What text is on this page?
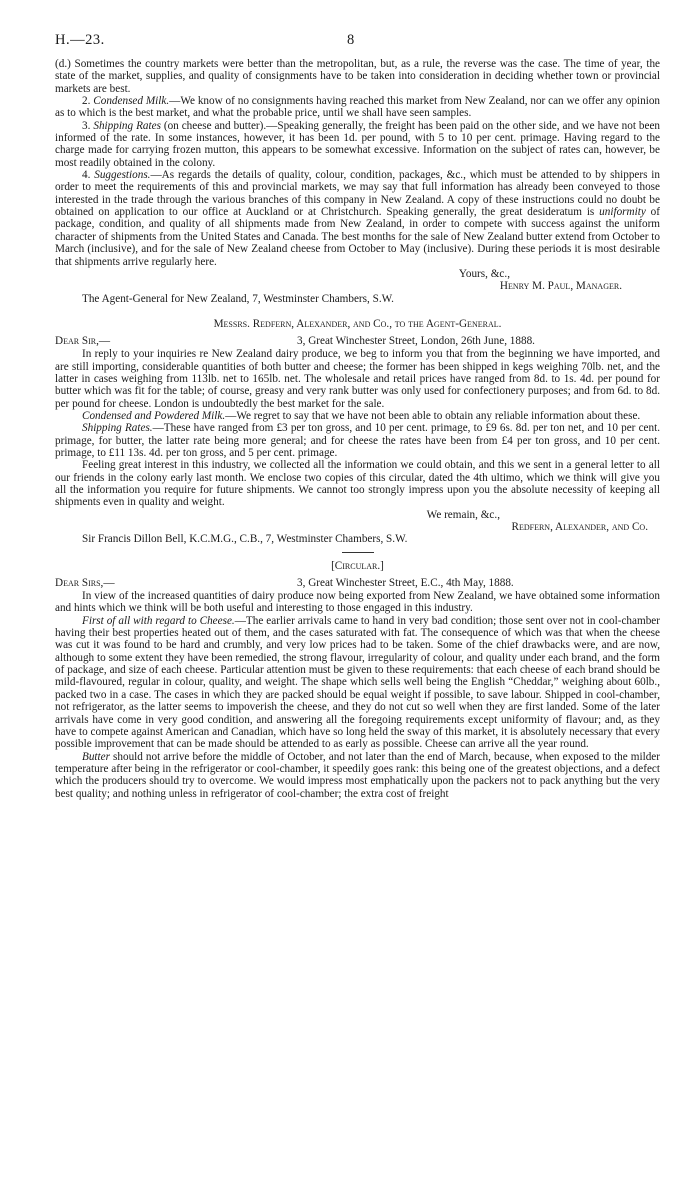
H.—23.	8

(d.) Sometimes the country markets were better than the metropolitan, but, as a rule, the reverse was the case. The time of year, the state of the market, supplies, and quality of consignments have to be taken into consideration in deciding whether town or provincial markets are best.

2. Condensed Milk.—We know of no consignments having reached this market from New Zealand, nor can we offer any opinion as to which is the best market, and what the probable price, until we shall have seen samples.

3. Shipping Rates (on cheese and butter).—Speaking generally, the freight has been paid on the other side, and we have not been informed of the rate. In some instances, however, it has been 1d. per pound, with 5 to 10 per cent. primage. Having regard to the charge made for carrying frozen mutton, this appears to be somewhat excessive. Information on the subject of rates can, however, be most readily obtained in the colony.

4. Suggestions.—As regards the details of quality, colour, condition, packages, &c., which must be attended to by shippers in order to meet the requirements of this and provincial markets, we may say that full information has already been conveyed to those interested in the trade through the various branches of this company in New Zealand. A copy of these instructions could no doubt be obtained on application to our office at Auckland or at Christchurch. Speaking generally, the great desideratum is uniformity of package, condition, and quality of all shipments made from New Zealand, in order to compete with success against the uniform character of shipments from the United States and Canada. The best months for the sale of New Zealand butter extend from October to March (inclusive), and for the sale of New Zealand cheese from October to May (inclusive). During these periods it is most desirable that shipments arrive regularly here.

Yours, &c.,

Henry M. Paul, Manager.

The Agent-General for New Zealand, 7, Westminster Chambers, S.W.

Messrs. Redfern, Alexander, and Co., to the Agent-General.

Dear Sir,—	3, Great Winchester Street, London, 26th June, 1888.

In reply to your inquiries re New Zealand dairy produce, we beg to inform you that from the beginning we have imported, and are still importing, considerable quantities of both butter and cheese; the former has been shipped in kegs weighing 70lb. net, and the latter in cases weighing from 113lb. net to 165lb. net. The wholesale and retail prices have ranged from 8d. to 1s. 4d. per pound for butter which was fit for the table; of course, greasy and very rank butter was only used for confectionery purposes; and from 6d. to 8d. per pound for cheese. London is undoubtedly the best market for the sale.

Condensed and Powdered Milk.—We regret to say that we have not been able to obtain any reliable information about these.

Shipping Rates.—These have ranged from £3 per ton gross, and 10 per cent. primage, to £9 6s. 8d. per ton net, and 10 per cent. primage, for butter, the latter rate being more general; and for cheese the rates have been from £4 per ton gross, and 10 per cent. primage, to £11 13s. 4d. per ton gross, and 5 per cent. primage.

Feeling great interest in this industry, we collected all the information we could obtain, and this we sent in a general letter to all our friends in the colony early last month. We enclose two copies of this circular, dated the 4th ultimo, which we think will give you all the information you require for future shipments. We cannot too strongly impress upon you the absolute necessity of keeping all shipments even in quality and weight.

We remain, &c.,

Redfern, Alexander, and Co.

Sir Francis Dillon Bell, K.C.M.G., C.B., 7, Westminster Chambers, S.W.

[Circular.]

Dear Sirs,—	3, Great Winchester Street, E.C., 4th May, 1888.

In view of the increased quantities of dairy produce now being exported from New Zealand, we have obtained some information and hints which we think will be both useful and interesting to those engaged in this industry.

First of all with regard to Cheese.—The earlier arrivals came to hand in very bad condition; those sent over not in cool-chamber having their best properties heated out of them, and the cases saturated with fat. The consequence of which was that when the cheese was cut it was found to be hard and crumbly, and very low prices had to be taken. Some of the chief drawbacks were, and are now, although to some extent they have been remedied, the strong flavour, irregularity of colour, and quality under each brand, and the form of package, and size of each cheese. Particular attention must be given to these requirements: that each cheese of each brand should be mild-flavoured, regular in colour, quality, and weight. The shape which sells well being the English “Cheddar,” weighing about 60lb., packed two in a case. The cases in which they are packed should be equal weight if possible, to save labour. Shipped in cool-chamber, not refrigerator, as the latter seems to impoverish the cheese, and they do not cut so well when they are first landed. Some of the later arrivals have come in very good condition, and answering all the foregoing requirements except uniformity of flavour; and, as they have to compete against American and Canadian, which have so long held the sway of this market, it is absolutely necessary that every possible improvement that can be made should be attended to as early as possible. Cheese can arrive all the year round.

Butter should not arrive before the middle of October, and not later than the end of March, because, when exposed to the milder temperature after being in the refrigerator or cool-chamber, it speedily goes rank: this being one of the greatest objections, and a defect which the producers should try to overcome. We would impress most emphatically upon the packers not to pack anything but the very best quality; and nothing unless in refrigerator of cool-chamber; the extra cost of freight
